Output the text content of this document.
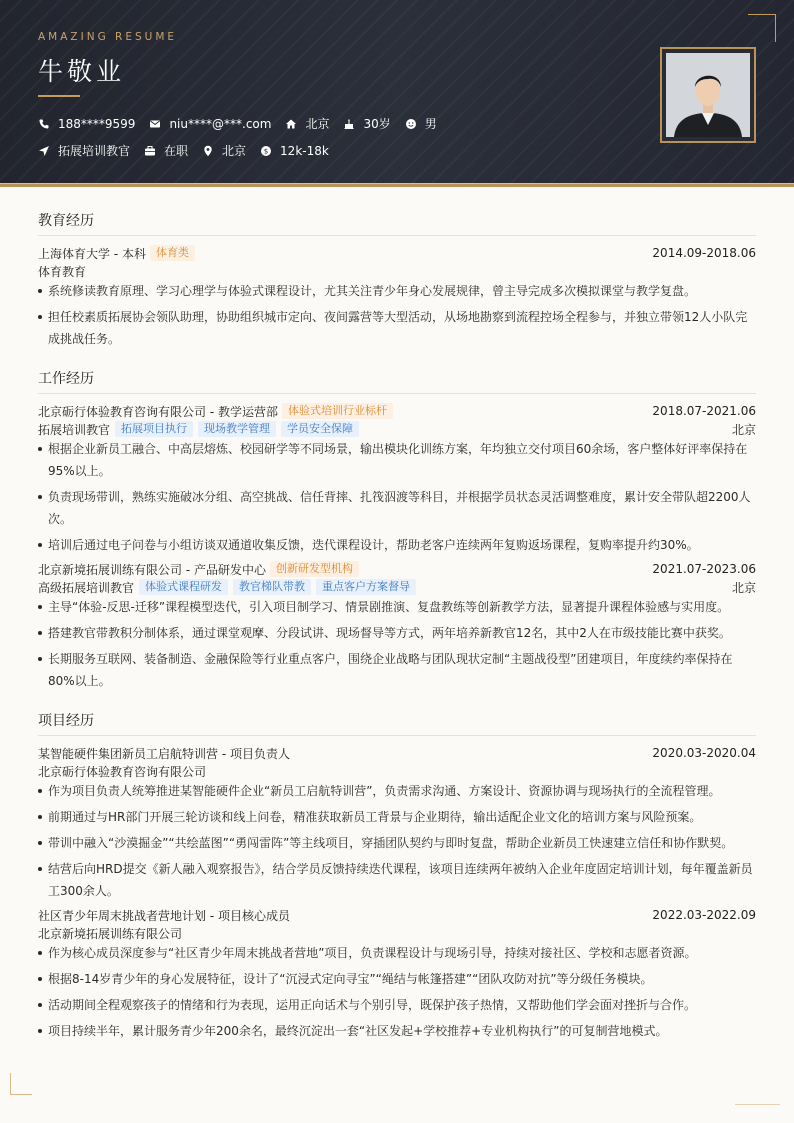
AMAZING RESUME
牛敬业
188****9599	niu****@***.com	北京	30岁	男
拓展培训教官	在职	北京	$ 12k-18k
教育经历
上海体育大学 - 本科 体育类	2014.09-2018.06
体育教育
系统修读教育原理、学习心理学与体验式课程设计，尤其关注青少年身心发展规律，曾主导完成多次模拟课堂与教学复盘。
担任校素质拓展协会领队助理，协助组织城市定向、夜间露营等大型活动，从场地勘察到流程控场全程参与，并独立带领12人小队完成挑战任务。
工作经历
北京砺行体验教育咨询有限公司 - 教学运营部 体验式培训行业标杆	2018.07-2021.06
拓展培训教官	拓展项目执行	现场教学管理	学员安全保障	北京
根据企业新员工融合、中高层熔炼、校园研学等不同场景，输出模块化训练方案，年均独立交付项目60余场，客户整体好评率保持在95%以上。
负责现场带训，熟练实施破冰分组、高空挑战、信任背摔、扎筏泅渡等科目，并根据学员状态灵活调整难度，累计安全带队超2200人次。
培训后通过电子问卷与小组访谈双通道收集反馈，迭代课程设计，帮助老客户连续两年复购返场课程，复购率提升约30%。
北京新境拓展训练有限公司 - 产品研发中心 创新研发型机构	2021.07-2023.06
高级拓展培训教官	体验式课程研发	教官梯队带教	重点客户方案督导	北京
主导“体验-反思-迁移”课程模型迭代，引入项目制学习、情景剧推演、复盘教练等创新教学方法，显著提升课程体验感与实用度。
搭建教官带教积分制体系，通过课堂观摩、分段试讲、现场督导等方式，两年培养新教官12名，其中2人在市级技能比赛中获奖。
长期服务互联网、装备制造、金融保险等行业重点客户，围绕企业战略与团队现状定制“主题战役型”团建项目，年度续约率保持在80%以上。
项目经历
某智能硬件集团新员工启航特训营 - 项目负责人	2020.03-2020.04
北京砺行体验教育咨询有限公司
作为项目负责人统筹推进某智能硬件企业“新员工启航特训营”，负责需求沟通、方案设计、资源协调与现场执行的全流程管理。
前期通过与HR部门开展三轮访谈和线上问卷，精准获取新员工背景与企业期待，输出适配企业文化的培训方案与风险预案。
带训中融入“沙漠掘金”“共绘蓝图”“勇闯雷阵”等主线项目，穿插团队契约与即时复盘，帮助企业新员工快速建立信任和协作默契。
结营后向HRD提交《新人融入观察报告》，结合学员反馈持续迭代课程，该项目连续两年被纳入企业年度固定培训计划，每年覆盖新员工300余人。
社区青少年周末挑战者营地计划 - 项目核心成员	2022.03-2022.09
北京新境拓展训练有限公司
作为核心成员深度参与“社区青少年周末挑战者营地”项目，负责课程设计与现场引导，持续对接社区、学校和志愿者资源。
根据8-14岁青少年的身心发展特征，设计了“沉浸式定向寻宝”“绳结与帐篷搭建”“团队攻防对抗”等分级任务模块。
活动期间全程观察孩子的情绪和行为表现，运用正向话术与个别引导，既保护孩子热情，又帮助他们学会面对挫折与合作。
项目持续半年，累计服务青少年200余名，最终沉淀出一套“社区发起+学校推荐+专业机构执行”的可复制营地模式。
